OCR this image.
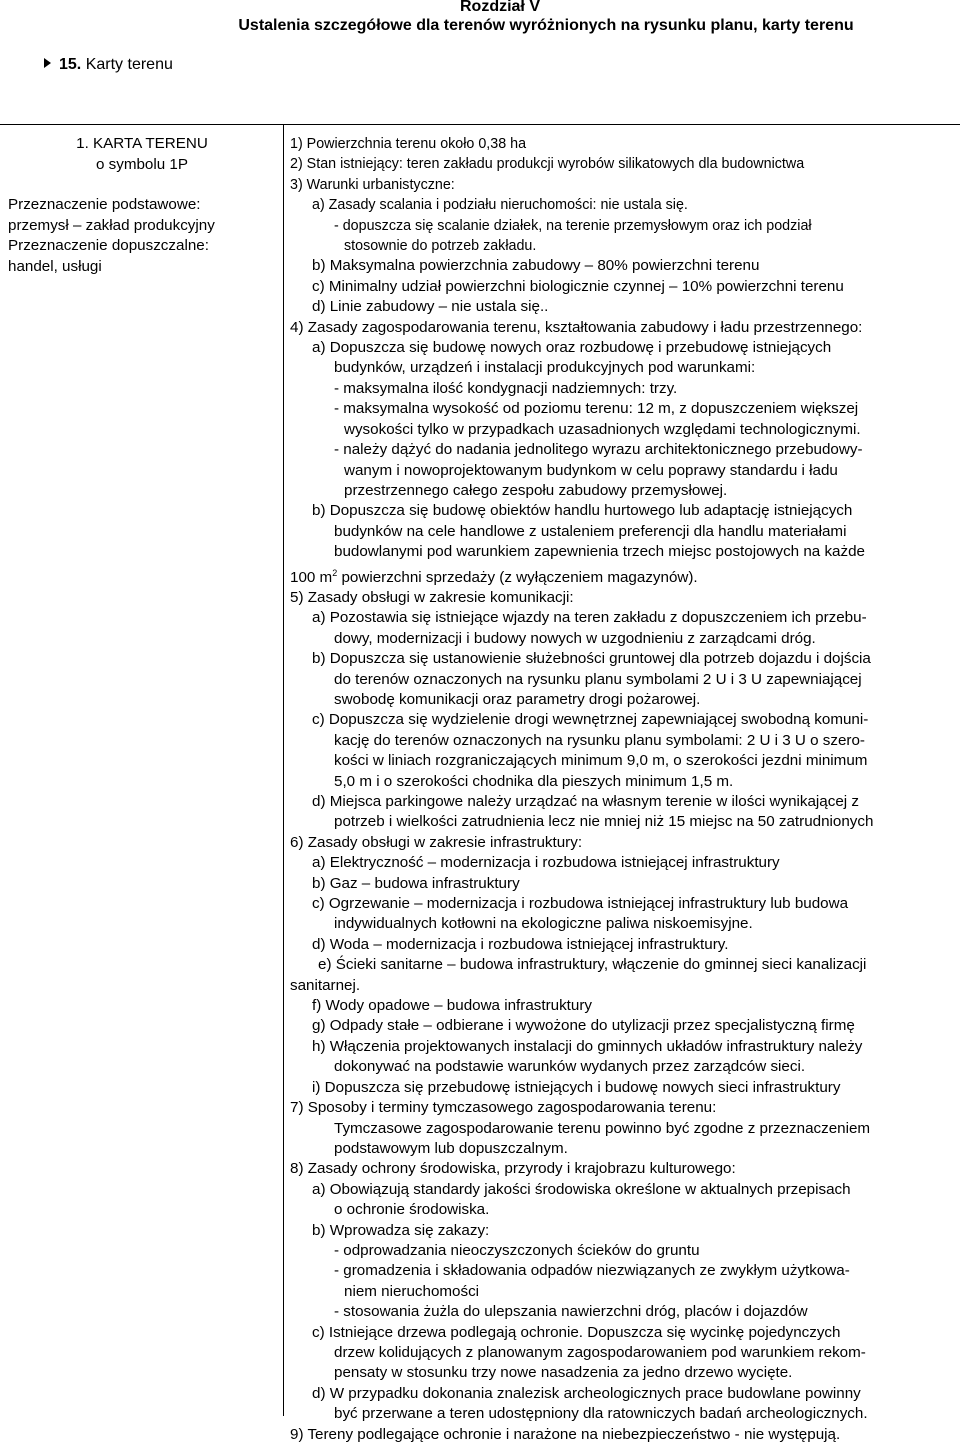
Rozdział V
Ustalenia szczegółowe dla terenów wyróżnionych na rysunku planu, karty terenu
15. Karty terenu
1. KARTA TERENU
o symbolu 1P
Przeznaczenie podstawowe:
przemysł – zakład produkcyjny
Przeznaczenie dopuszczalne:
handel, usługi

1) Powierzchnia terenu około 0,38 ha

2) Stan istniejący: teren zakładu produkcji wyrobów silikatowych dla budownictwa

3) Warunki urbanistyczne:

a) Zasady scalania i podziału nieruchomości: nie ustala się.

- dopuszcza się scalanie działek, na terenie przemysłowym oraz ich podział

stosownie do potrzeb zakładu.

b) Maksymalna powierzchnia zabudowy – 80% powierzchni terenu

c) Minimalny udział powierzchni biologicznie czynnej – 10% powierzchni terenu

d) Linie zabudowy – nie ustala się..

4) Zasady zagospodarowania terenu, kształtowania zabudowy i ładu przestrzennego:

a) Dopuszcza się budowę nowych oraz rozbudowę i przebudowę istniejących

budynków, urządzeń i instalacji produkcyjnych pod warunkami:

- maksymalna ilość kondygnacji nadziemnych: trzy.

- maksymalna wysokość od poziomu terenu: 12 m, z dopuszczeniem większej

wysokości tylko w przypadkach uzasadnionych względami technologicznymi.

- należy dążyć do nadania jednolitego wyrazu architektonicznego przebudowy-

wanym i nowoprojektowanym budynkom w celu poprawy standardu i ładu

przestrzennego całego zespołu zabudowy przemysłowej.

b) Dopuszcza się budowę obiektów handlu hurtowego lub adaptację istniejących

budynków na cele handlowe z ustaleniem preferencji dla handlu materiałami

budowlanymi pod warunkiem zapewnienia trzech miejsc postojowych na każde

100 $m^2$ powierzchni sprzedaży (z wyłączeniem magazynów).

5) Zasady obsługi w zakresie komunikacji:

a) Pozostawia się istniejące wjazdy na teren zakładu z dopuszczeniem ich przebu-

dowy, modernizacji i budowy nowych w uzgodnieniu z zarządcami dróg.

b) Dopuszcza się ustanowienie służebności gruntowej dla potrzeb dojazdu i dojścia

do terenów oznaczonych na rysunku planu symbolami 2 U i 3 U zapewniającej

swobodę komunikacji oraz parametry drogi pożarowej.

c) Dopuszcza się wydzielenie drogi wewnętrznej zapewniającej swobodną komuni-

kację do terenów oznaczonych na rysunku planu symbolami: 2 U i 3 U o szero-

kości w liniach rozgraniczających minimum 9,0 m, o szerokości jezdni minimum

5,0 m i o szerokości chodnika dla pieszych minimum 1,5 m.

d) Miejsca parkingowe należy urządzać na własnym terenie w ilości wynikającej z

potrzeb i wielkości zatrudnienia lecz nie mniej niż 15 miejsc na 50 zatrudnionych

6) Zasady obsługi w zakresie infrastruktury:

a) Elektryczność – modernizacja i rozbudowa istniejącej infrastruktury

b) Gaz – budowa infrastruktury

c) Ogrzewanie – modernizacja i rozbudowa istniejącej infrastruktury lub budowa

indywidualnych kotłowni na ekologiczne paliwa niskoemisyjne.

d) Woda – modernizacja i rozbudowa istniejącej infrastruktury.

e) Ścieki sanitarne – budowa infrastruktury, włączenie do gminnej sieci kanalizacji

sanitarnej.

f) Wody opadowe – budowa infrastruktury

g) Odpady stałe – odbierane i wywożone do utylizacji przez specjalistyczną firmę

h) Włączenia projektowanych instalacji do gminnych układów infrastruktury należy

dokonywać na podstawie warunków wydanych przez zarządców sieci.

i) Dopuszcza się przebudowę istniejących i budowę nowych sieci infrastruktury

7) Sposoby i terminy tymczasowego zagospodarowania terenu:

Tymczasowe zagospodarowanie terenu powinno być zgodne z przeznaczeniem

podstawowym lub dopuszczalnym.

8) Zasady ochrony środowiska, przyrody i krajobrazu kulturowego:

a) Obowiązują standardy jakości środowiska określone w aktualnych przepisach

o ochronie środowiska.

b) Wprowadza się zakazy:

- odprowadzania nieoczyszczonych ścieków do gruntu

- gromadzenia i składowania odpadów niezwiązanych ze zwykłym użytkowa-

niem nieruchomości

- stosowania żużla do ulepszania nawierzchni dróg, placów i dojazdów

c) Istniejące drzewa podlegają ochronie. Dopuszcza się wycinkę pojedynczych

drzew kolidujących z planowanym zagospodarowaniem pod warunkiem rekom-

pensaty w stosunku trzy nowe nasadzenia za jedno drzewo wycięte.

d) W przypadku dokonania znalezisk archeologicznych prace budowlane powinny

być przerwane a teren udostępniony dla ratowniczych badań archeologicznych.

9) Tereny podlegające ochronie i narażone na niebezpieczeństwo - nie występują.
